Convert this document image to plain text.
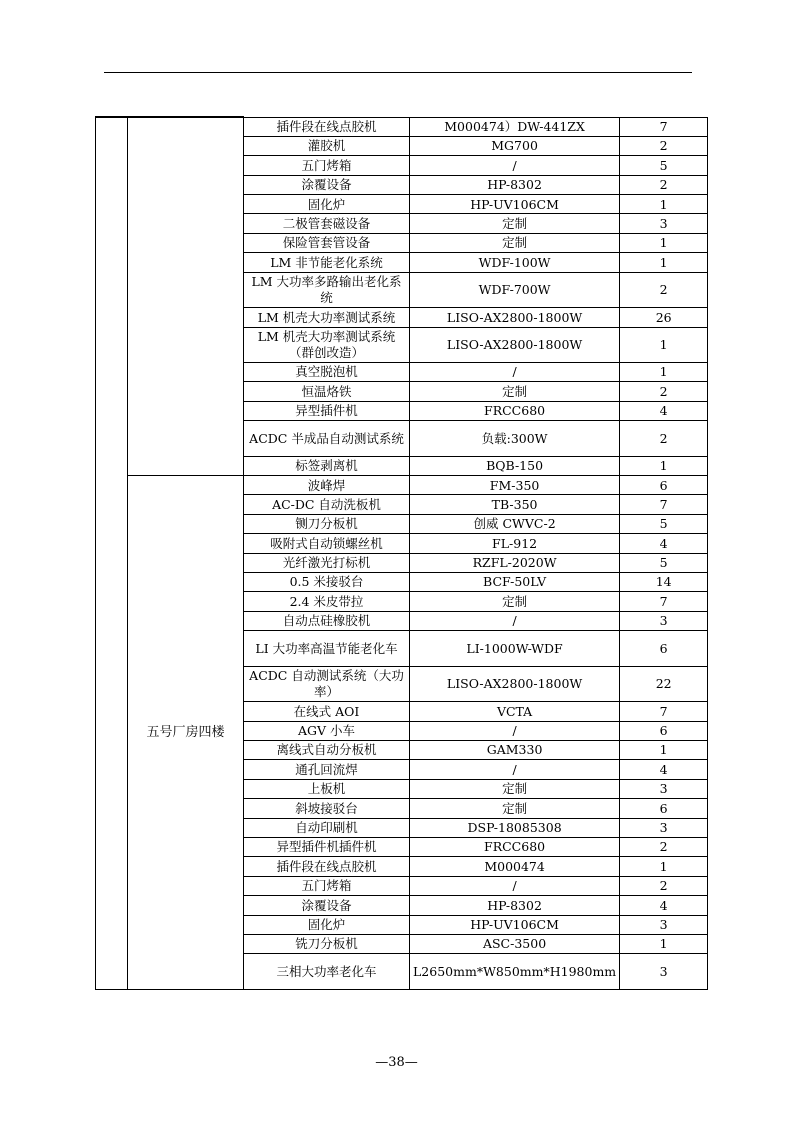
		插件段在线点胶机	M000474）DW-441ZX	7
		灌胶机	MG700	2
		五门烤箱	/	5
		涂覆设备	HP-8302	2
		固化炉	HP-UV106CM	1
		二极管套磁设备	定制	3
		保险管套管设备	定制	1
		LM 非节能老化系统	WDF-100W	1
		LM 大功率多路输出老化系统	WDF-700W	2
		LM 机壳大功率测试系统	LISO-AX2800-1800W	26
		LM 机壳大功率测试系统（群创改造）	LISO-AX2800-1800W	1
		真空脱泡机	/	1
		恒温烙铁	定制	2
		异型插件机	FRCC680	4
		ACDC 半成品自动测试系统	负载:300W	2
		标签剥离机	BQB-150	1
	五号厂房四楼	波峰焊	FM-350	6
		AC-DC 自动洗板机	TB-350	7
		铡刀分板机	创威 CWVC-2	5
		吸附式自动锁螺丝机	FL-912	4
		光纤激光打标机	RZFL-2020W	5
		0.5 米接驳台	BCF-50LV	14
		2.4 米皮带拉	定制	7
		自动点硅橡胶机	/	3
		LI 大功率高温节能老化车	LI-1000W-WDF	6
		ACDC 自动测试系统（大功率）	LISO-AX2800-1800W	22
		在线式 AOI	VCTA	7
		AGV 小车	/	6
		离线式自动分板机	GAM330	1
		通孔回流焊	/	4
		上板机	定制	3
		斜坡接驳台	定制	6
		自动印刷机	DSP-18085308	3
		异型插件机插件机	FRCC680	2
		插件段在线点胶机	M000474	1
		五门烤箱	/	2
		涂覆设备	HP-8302	4
		固化炉	HP-UV106CM	3
		铣刀分板机	ASC-3500	1
		三相大功率老化车	L2650mm*W850mm*H1980mm	3
—38—
